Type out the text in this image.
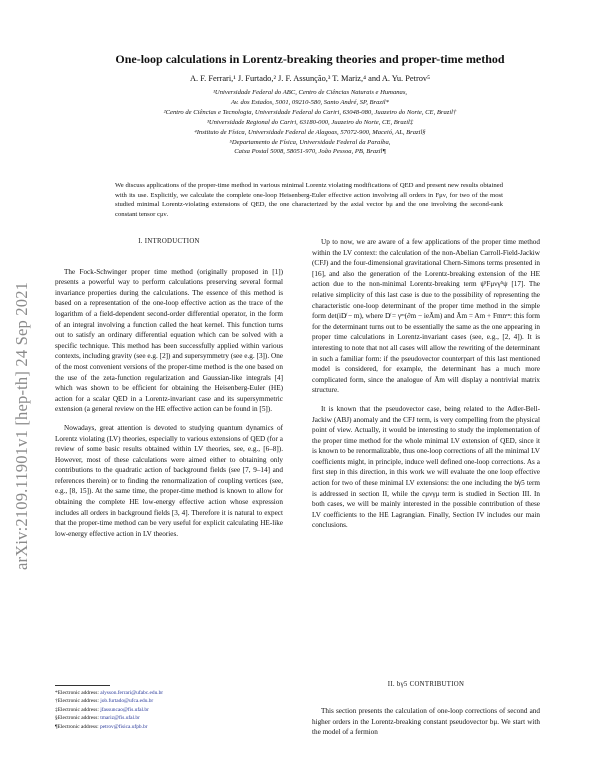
arXiv:2109.11901v1 [hep-th] 24 Sep 2021
One-loop calculations in Lorentz-breaking theories and proper-time method
A. F. Ferrari,¹ J. Furtado,² J. F. Assunção,³ T. Mariz,⁴ and A. Yu. Petrov⁵
¹Universidade Federal do ABC, Centro de Ciências Naturais e Humanas,
Av. dos Estados, 5001, 09210-580, Santo André, SP, Brazil*
²Centro de Ciências e Tecnologia, Universidade Federal do Cariri, 63048-080, Juazeiro do Norte, CE, Brazil†
³Universidade Regional do Cariri, 63180-000, Juazeiro do Norte, CE, Brazil‡
⁴Instituto de Física, Universidade Federal de Alagoas, 57072-900, Maceió, AL, Brazil§
⁵Departamento de Física, Universidade Federal da Paraíba,
Caixa Postal 5008, 58051-970, João Pessoa, PB, Brazil¶
We discuss applications of the proper-time method in various minimal Lorentz violating modifications of QED and present new results obtained with its use. Explicitly, we calculate the complete one-loop Heisenberg-Euler effective action involving all orders in Fμν, for two of the most studied minimal Lorentz-violating extensions of QED, the one characterized by the axial vector bμ and the one involving the second-rank constant tensor cμν.
I. INTRODUCTION

The Fock-Schwinger proper time method (originally proposed in [1]) presents a powerful way to perform calculations preserving several formal invariance properties during the calculations. The essence of this method is based on a representation of the one-loop effective action as the trace of the logarithm of a field-dependent second-order differential operator, in the form of an integral involving a function called the heat kernel. This function turns out to satisfy an ordinary differential equation which can be solved with a specific technique. This method has been successfully applied within various contexts, including gravity (see e.g. [2]) and supersymmetry (see e.g. [3]). One of the most convenient versions of the proper-time method is the one based on the use of the zeta-function regularization and Gaussian-like integrals [4] which was shown to be efficient for obtaining the Heisenberg-Euler (HE) action for a scalar QED in a Lorentz-invariant case and its supersymmetric extension (a general review on the HE effective action can be found in [5]).

Nowadays, great attention is devoted to studying quantum dynamics of Lorentz violating (LV) theories, especially to various extensions of QED (for a review of some basic results obtained within LV theories, see, e.g., [6–8]). However, most of these calculations were aimed either to obtaining only contributions to the quadratic action of background fields (see [7, 9–14] and references therein) or to finding the renormalization of coupling vertices (see, e.g., [8, 15]). At the same time, the proper-time method is known to allow for obtaining the complete HE low-energy effective action whose expression includes all orders in background fields [3, 4]. Therefore it is natural to expect that the proper-time method can be very useful for explicit calculating HE-like low-energy effective action in LV theories.

Up to now, we are aware of a few applications of the proper time method within the LV context: the calculation of the non-Abelian Carroll-Field-Jackiw (CFJ) and the four-dimensional gravitational Chern-Simons terms presented in [16], and also the generation of the Lorentz-breaking extension of the HE action due to the non-minimal Lorentz-breaking term ψ̄ʳFμνγ⁵ψ [17]. The relative simplicity of this last case is due to the possibility of representing the characteristic one-loop determinant of the proper time method in the simple form det(iD̸ − m), where D̸ = γᵐ(∂m − ieÃm) and Ãm = Am + Fmnʳⁿ: this form for the determinant turns out to be essentially the same as the one appearing in proper time calculations in Lorentz-invariant cases (see, e.g., [2, 4]). It is interesting to note that not all cases will allow the rewriting of the determinant in such a familiar form: if the pseudovector counterpart of this last mentioned model is considered, for example, the determinant has a much more complicated form, since the analogue of Ãm will display a nontrivial matrix structure.

It is known that the pseudovector case, being related to the Adler-Bell-Jackiw (ABJ) anomaly and the CFJ term, is very compelling from the physical point of view. Actually, it would be interesting to study the implementation of the proper time method for the whole minimal LV extension of QED, since it is known to be renormalizable, thus one-loop corrections of all the minimal LV coefficients might, in principle, induce well defined one-loop corrections. As a first step in this direction, in this work we will evaluate the one loop effective action for two of these minimal LV extensions: the one including the b̸γ5 term is addressed in section II, while the cμνγμ term is studied in Section III. In both cases, we will be mainly interested in the possible contribution of these LV coefficients to the HE Lagrangian. Finally, Section IV includes our main conclusions.

II. bγ5 CONTRIBUTION
This section presents the calculation of one-loop corrections of second and higher orders in the Lorentz-breaking constant pseudovector bμ. We start with the model of a fermion
*Electronic address: alysson.ferrari@ufabc.edu.br
†Electronic address: job.furtado@ufca.edu.br
‡Electronic address: jfassuncao@fis.ufal.br
§Electronic address: tmariz@fis.ufal.br
¶Electronic address: petrov@fisica.ufpb.br
